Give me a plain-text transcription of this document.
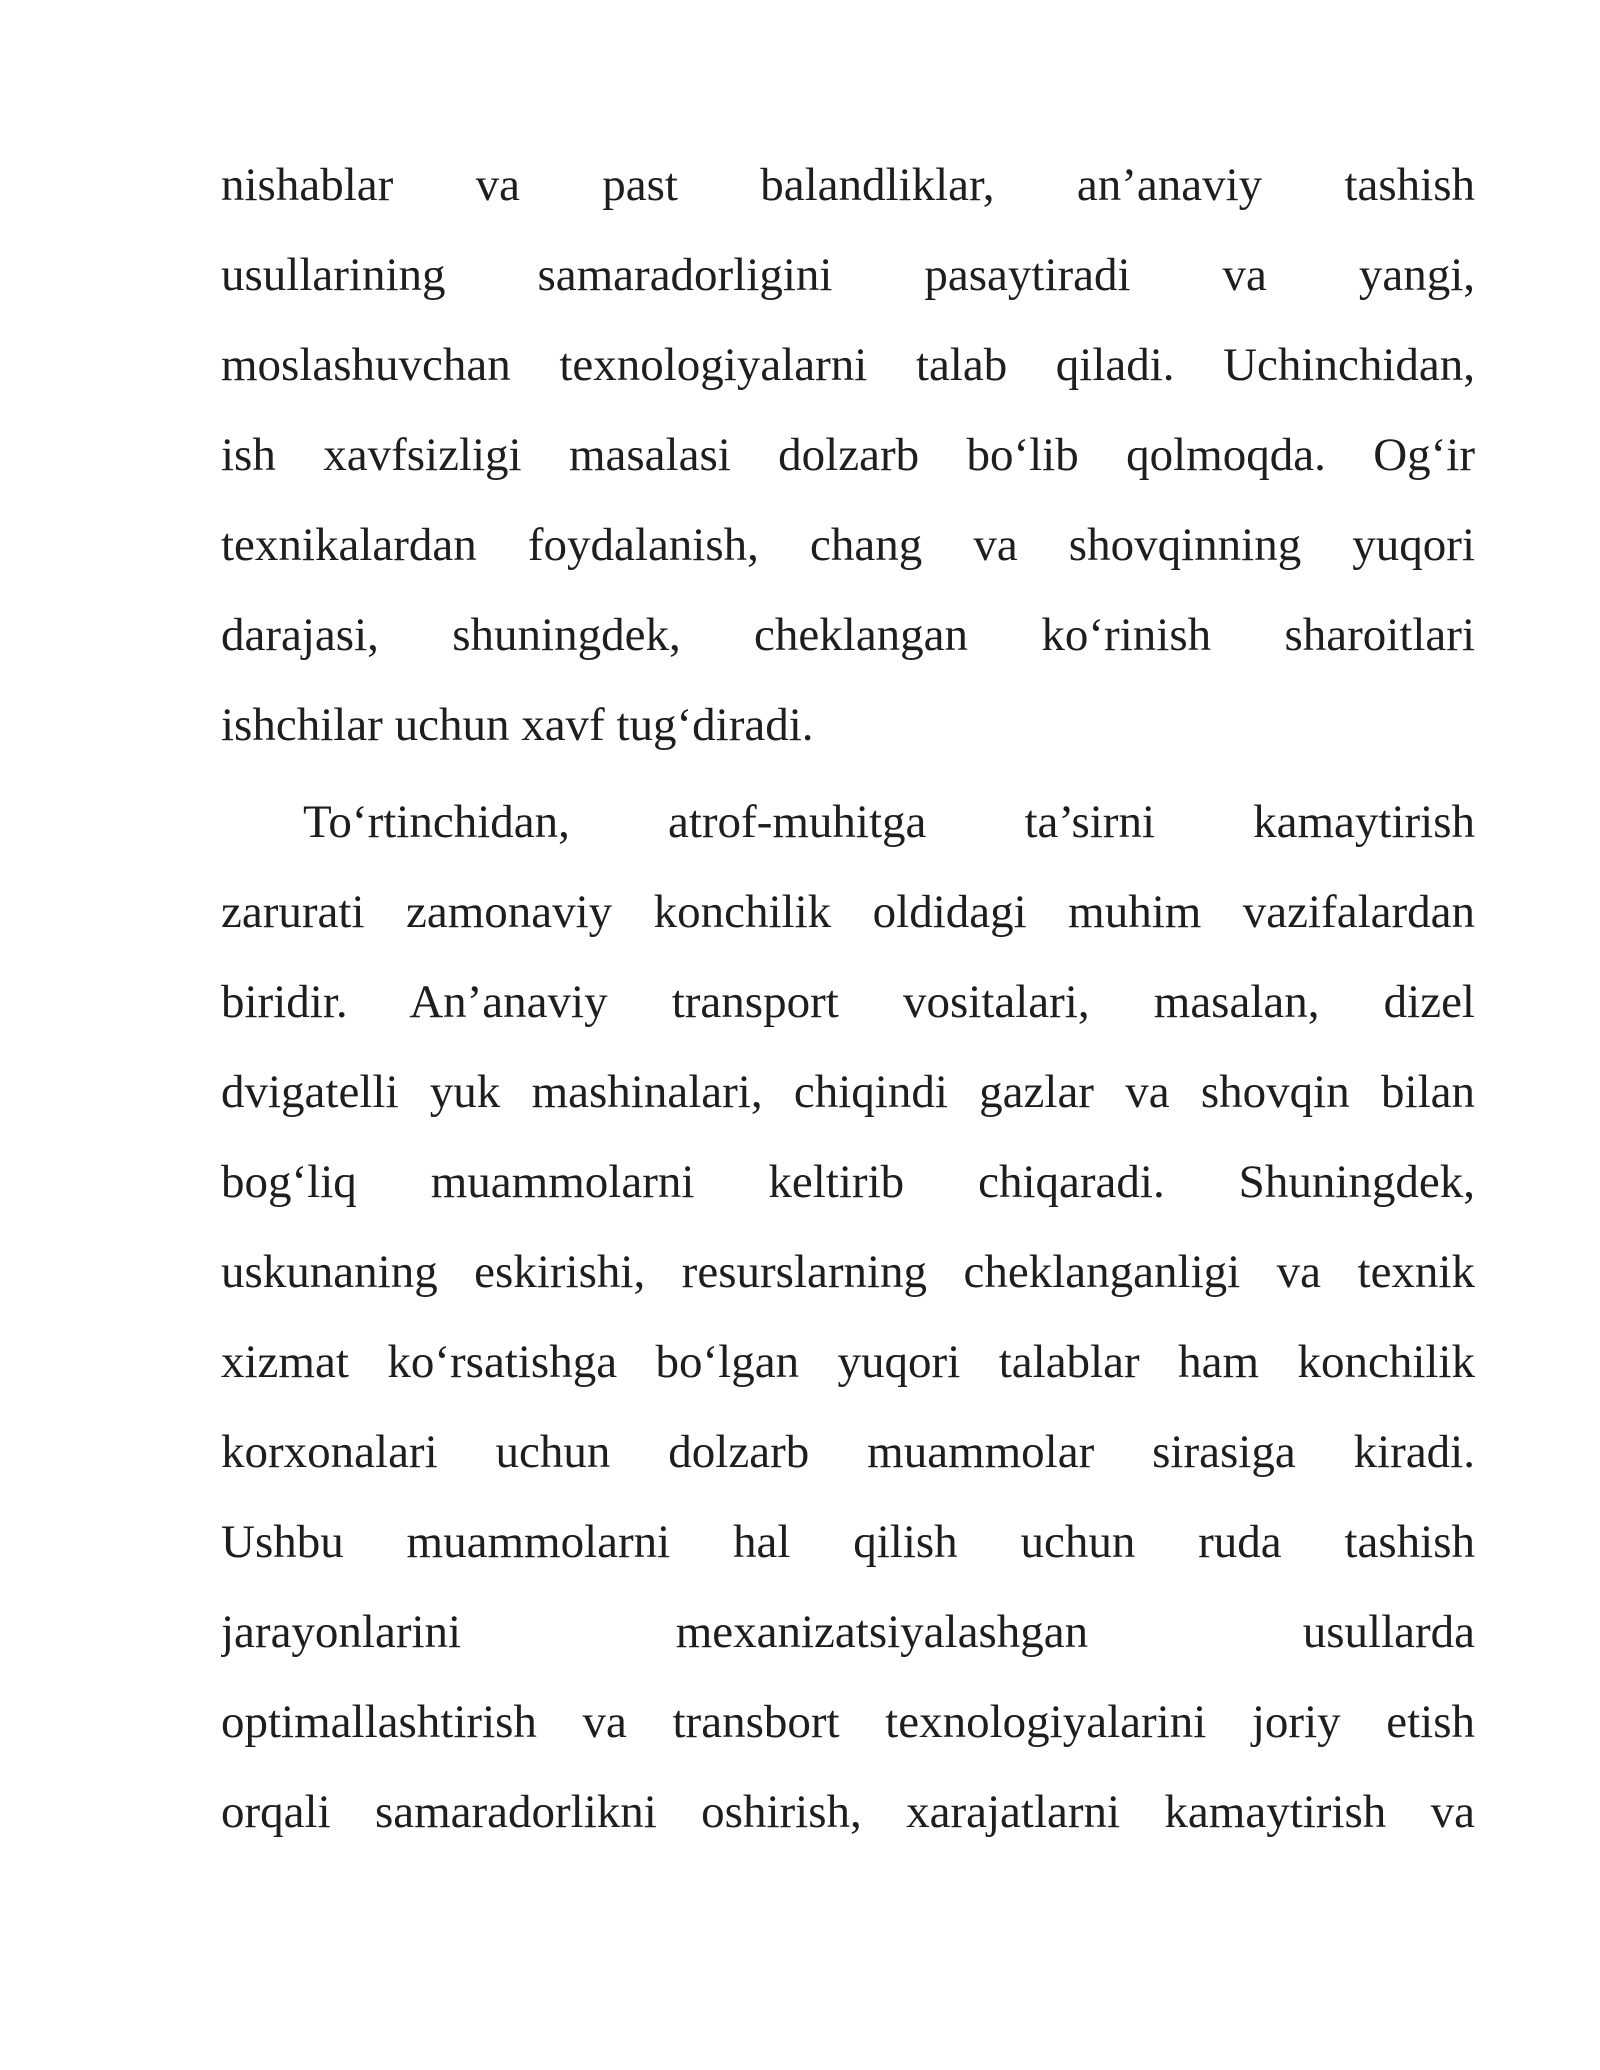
nishablar va past balandliklar, an’anaviy tashish
usullarining samaradorligini pasaytiradi va yangi,
moslashuvchan texnologiyalarni talab qiladi. Uchinchidan,
ish xavfsizligi masalasi dolzarb bo‘lib qolmoqda. Og‘ir
texnikalardan foydalanish, chang va shovqinning yuqori
darajasi, shuningdek, cheklangan ko‘rinish sharoitlari
ishchilar uchun xavf tug‘diradi.
To‘rtinchidan, atrof-muhitga ta’sirni kamaytirish
zarurati zamonaviy konchilik oldidagi muhim vazifalardan
biridir. An’anaviy transport vositalari, masalan, dizel
dvigatelli yuk mashinalari, chiqindi gazlar va shovqin bilan
bog‘liq muammolarni keltirib chiqaradi. Shuningdek,
uskunaning eskirishi, resurslarning cheklanganligi va texnik
xizmat ko‘rsatishga bo‘lgan yuqori talablar ham konchilik
korxonalari uchun dolzarb muammolar sirasiga kiradi.
Ushbu muammolarni hal qilish uchun ruda tashish
jarayonlarini mexanizatsiyalashgan usullarda
optimallashtirish va transbort texnologiyalarini joriy etish
orqali samaradorlikni oshirish, xarajatlarni kamaytirish va
